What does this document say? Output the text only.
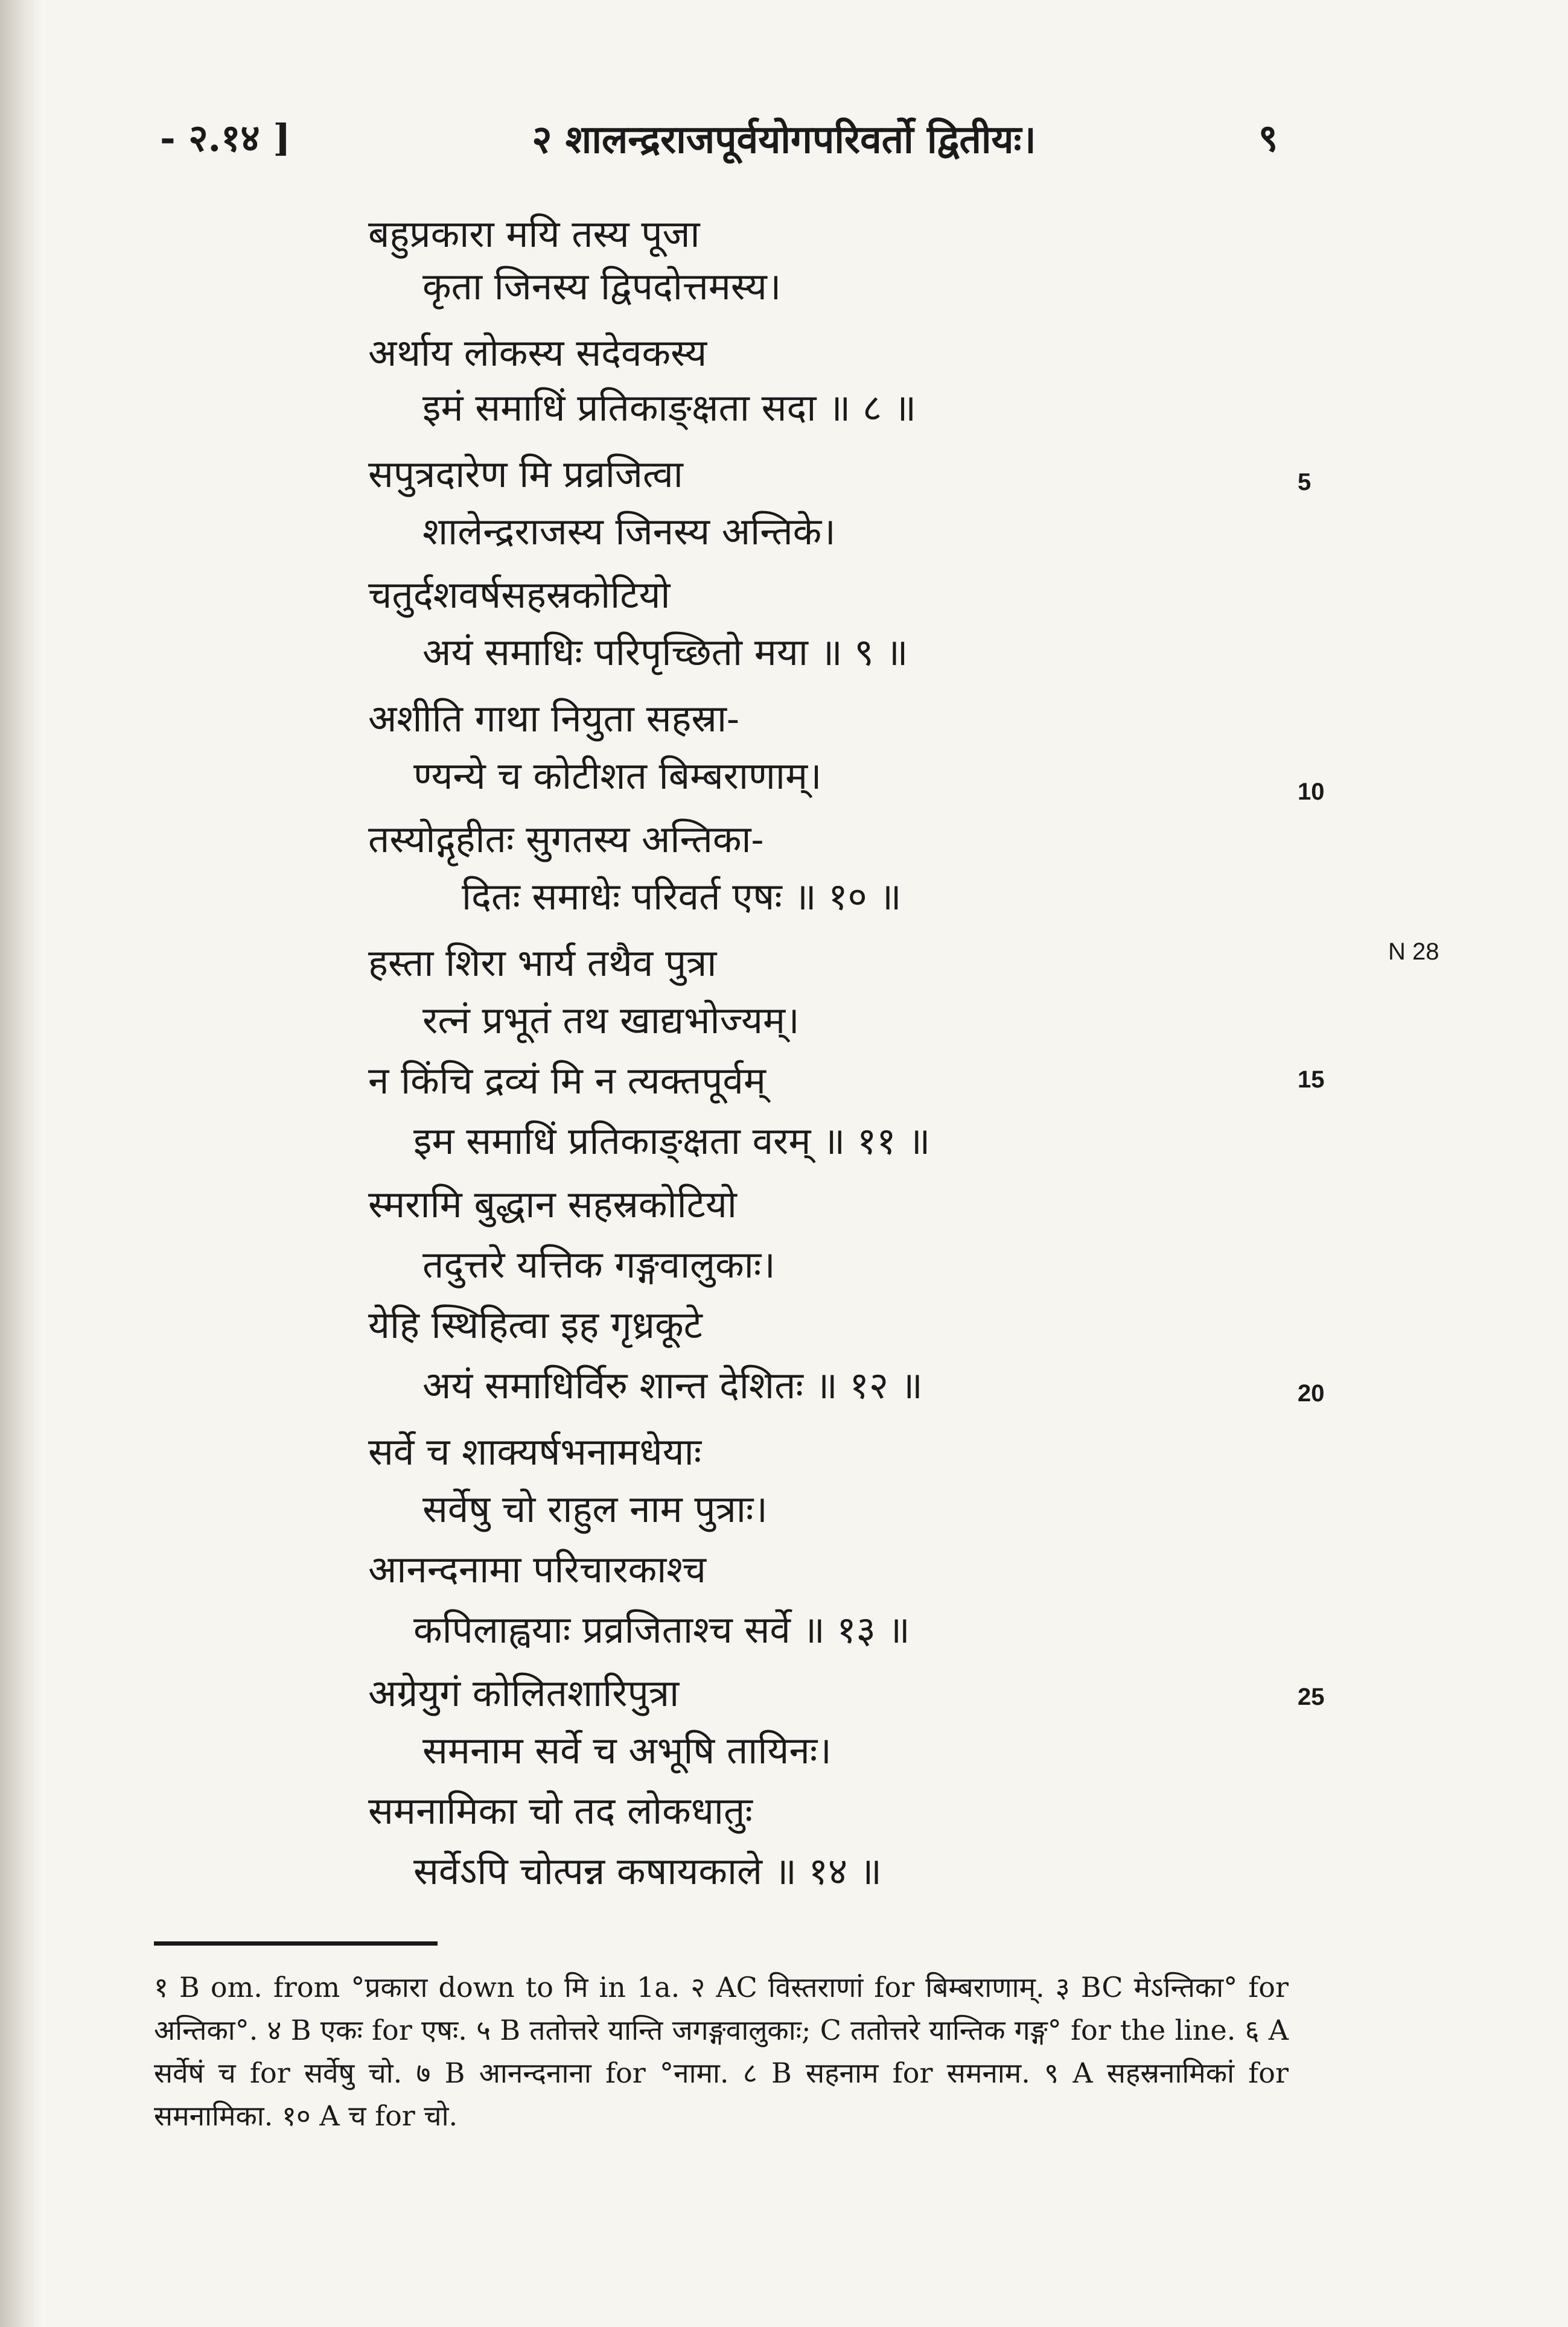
- २.१४ ]	२ शालन्द्रराजपूर्वयोगपरिवर्तो द्वितीयः।	९
बहुप्रकारा मयि तस्य पूजा
कृता जिनस्य द्विपदोत्तमस्य।
अर्थाय लोकस्य सदेवकस्य
इमं समाधिं प्रतिकाङ्क्षता सदा ॥ ८ ॥
सपुत्रदारेण मि प्रव्रजित्वा
शालेन्द्रराजस्य जिनस्य अन्तिके।
चतुर्दशवर्षसहस्रकोटियो
अयं समाधिः परिपृच्छितो मया ॥ ९ ॥
अशीति गाथा नियुता सहस्रा-
ण्यन्ये च कोटीशत बिम्बराणाम्।
तस्योद्गृहीतः सुगतस्य अन्तिका-
दितः समाधेः परिवर्त एषः ॥ १० ॥
हस्ता शिरा भार्य तथैव पुत्रा
रत्नं प्रभूतं तथ खाद्यभोज्यम्।
न किंचि द्रव्यं मि न त्यक्तपूर्वम्
इम समाधिं प्रतिकाङ्क्षता वरम् ॥ ११ ॥
स्मरामि बुद्धान सहस्रकोटियो
तदुत्तरे यत्तिक गङ्गवालुकाः।
येहि स्थिहित्वा इह गृध्रकूटे
अयं समाधिर्विरु शान्त देशितः ॥ १२ ॥
सर्वे च शाक्यर्षभनामधेयाः
सर्वेषु चो राहुल नाम पुत्राः।
आनन्दनामा परिचारकाश्च
कपिलाह्वयाः प्रव्रजिताश्च सर्वे ॥ १३ ॥
अग्रेयुगं कोलितशारिपुत्रा
समनाम सर्वे च अभूषि तायिनः।
समनामिका चो तद लोकधातुः
सर्वेऽपि चोत्पन्न कषायकाले ॥ १४ ॥
5
10
15
20
25
N 28

१ B om. from °प्रकारा down to मि in 1a. २ AC विस्तराणां for बिम्बराणाम्. ३ BC मेऽन्तिका° for अन्तिका°. ४ B एकः for एषः. ५ B ततोत्तरे यान्ति जगङ्गवालुकाः; C ततोत्तरे यान्तिक गङ्ग° for the line. ६ A सर्वेषं च for सर्वेषु चो. ७ B आनन्दनाना for °नामा. ८ B सहनाम for समनाम. ९ A सहस्रनामिकां for समनामिका. १० A च for चो.
